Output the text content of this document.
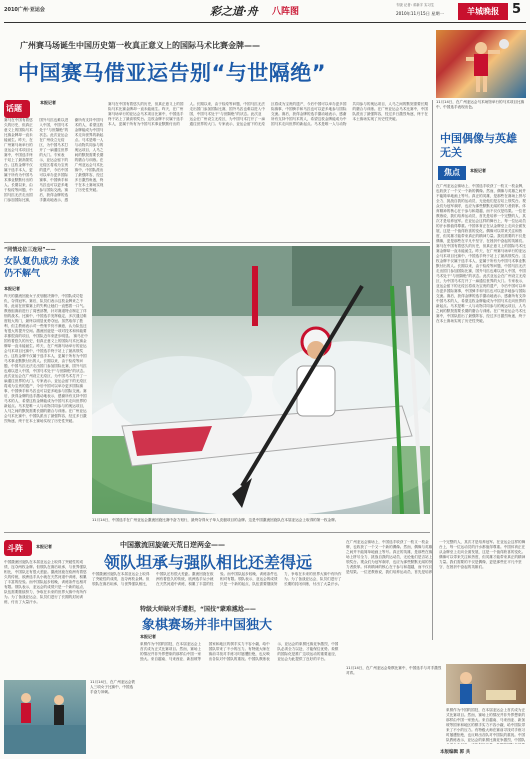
2010广州·亚运会	彩之道·舟 八阵图
专版 记者: 邓新宇 实习生
2010年11月15日 星期一	羊城晚报	5
广州赛马场诞生中国历史第一枚真正意义上的国际马术比赛金牌——
中国赛马借亚运告别“与世隔绝”
话题
本报记者
赛马在中国有着悠久的历史，但真正意义上的国际马术比赛金牌却一直未能诞生。昨天，在广州赛马场举行的亚运会马术项目比赛中，中国选手终于站上了最高领奖台。这枚金牌不仅属于选手本人，更属于所有为中国马术事业默默付出的人。长期以来，由于检疫等问题，中国马匹无法走出国门参加国际比赛，国外马匹也难以进入中国，中国马术处于“与世隔绝”的状态。此次亚运会在广州设立无疫区，为中国马术打开了一扇通往世界的大门。专家表示，亚运会留下的无疫区将成为宝贵的遗产，今后中国可以举办更多国际赛事，中国骑手和马匹也可以更多地参与国际交流。赛后，获得金牌的选手激动地表示，感谢所有支持中国马术的人，希望这枚金牌能成为中国马术走向世界的新起点。马术是唯一人与动物共同参与的奥运项目，人马之间的默契需要长期的磨合与训练。在广州亚运会马术比赛中，中国队派出了最强阵容，经过多日激烈角逐，终于在本土赛场实现了历史性突破。
赛马在中国有着悠久的历史，但真正意义上的国际马术比赛金牌却一直未能诞生。昨天，在广州赛马场举行的亚运会马术项目比赛中，中国选手终于站上了最高领奖台。这枚金牌不仅属于选手本人，更属于所有为中国马术事业默默付出的人。长期以来，由于检疫等问题，中国马匹无法走出国门参加国际比赛，国外马匹也难以进入中国，中国马术处于“与世隔绝”的状态。此次亚运会在广州设立无疫区，为中国马术打开了一扇通往世界的大门。专家表示，亚运会留下的无疫区将成为宝贵的遗产，今后中国可以举办更多国际赛事，中国骑手和马匹也可以更多地参与国际交流。赛后，获得金牌的选手激动地表示，感谢所有支持中国马术的人，希望这枚金牌能成为中国马术走向世界的新起点。马术是唯一人与动物共同参与的奥运项目，人马之间的默契需要长期的磨合与训练。在广州亚运会马术比赛中，中国队派出了最强阵容，经过多日激烈角逐，终于在本土赛场实现了历史性突破。
11月14日，在广州亚运会马术场馆举行的马术项目比赛中，中国选手表现出色。
中国偶像与英雄无关
焦点	本报记者
在广州亚运会赛场上，中国选手收获了一枚又一枚金牌，也收获了一个又一个新的偶像。然而，偶像与英雄之间并不能简单地画上等号。真正的英雄，是那些在赛场上拼尽全力、挑战自我的运动员，无论他们是否站上领奖台。观众们为冠军欢呼，也应为那些默默无闻的努力者鼓掌。体育精神的核心在于参与和超越，而不仅仅是结果。一位老教练说，我们培养运动员，首先是培养一个完整的人，其次才是培养冠军。在亚运会这样的舞台上，每一位运动员的汗水都值得尊重。中国体育正在从金牌至上走向全面发展，这是一个值得欣喜的变化。偶像可以带来关注和热度，但英雄才能带来真正的精神力量。我们需要的不仅是偶像，更是那些在平凡中坚守、在挫折中奋起的英雄们。 赛马在中国有着悠久的历史，但真正意义上的国际马术比赛金牌却一直未能诞生。昨天，在广州赛马场举行的亚运会马术项目比赛中，中国选手终于站上了最高领奖台。这枚金牌不仅属于选手本人，更属于所有为中国马术事业默默付出的人。长期以来，由于检疫等问题，中国马匹无法走出国门参加国际比赛，国外马匹也难以进入中国，中国马术处于“与世隔绝”的状态。此次亚运会在广州设立无疫区，为中国马术打开了一扇通往世界的大门。专家表示，亚运会留下的无疫区将成为宝贵的遗产，今后中国可以举办更多国际赛事，中国骑手和马匹也可以更多地参与国际交流。赛后，获得金牌的选手激动地表示，感谢所有支持中国马术的人，希望这枚金牌能成为中国马术走向世界的新起点。马术是唯一人与动物共同参与的奥运项目，人马之间的默契需要长期的磨合与训练。在广州亚运会马术比赛中，中国队派出了最强阵容，经过多日激烈角逐，终于在本土赛场实现了历史性突破。
“同情这位三连冠”——
女队复仇成功 永浚仍不解气
本报记者
昨天的激流回旋女子皮划艇决赛中，中国队成功复仇，夺得冠军。赛后，队员们表示这枚金牌来之不易，此前在世锦赛上的失利让她们一直憋着一口气。教练组赛前进行了周密部署，针对赛道特点制定了详细的战术。比赛中，中国选手发挥稳定，多次通过难度较大的门，最终以明显优势夺冠。虽然取得了胜利，但主教练表示对一些细节仍不满意，认为队伍还有很大的提升空间。激流回旋是一项对技术和体能要求都很高的项目，中国队近年来进步明显。 赛马在中国有着悠久的历史，但真正意义上的国际马术比赛金牌却一直未能诞生。昨天，在广州赛马场举行的亚运会马术项目比赛中，中国选手终于站上了最高领奖台。这枚金牌不仅属于选手本人，更属于所有为中国马术事业默默付出的人。长期以来，由于检疫等问题，中国马匹无法走出国门参加国际比赛，国外马匹也难以进入中国，中国马术处于“与世隔绝”的状态。此次亚运会在广州设立无疫区，为中国马术打开了一扇通往世界的大门。专家表示，亚运会留下的无疫区将成为宝贵的遗产，今后中国可以举办更多国际赛事，中国骑手和马匹也可以更多地参与国际交流。赛后，获得金牌的选手激动地表示，感谢所有支持中国马术的人，希望这枚金牌能成为中国马术走向世界的新起点。马术是唯一人与动物共同参与的奥运项目，人马之间的默契需要长期的磨合与训练。在广州亚运会马术比赛中，中国队派出了最强阵容，经过多日激烈角逐，终于在本土赛场实现了历史性突破。
11月14日，中国选手在广州亚运会激流回旋比赛中奋力划行，最终夺得女子单人皮艇项目的金牌。这是中国激流回旋队在本届亚运会上取得的第一枚金牌。
斗阵	本报记者	中国激流回旋破天荒日逆两金——
领队坦承与强队相比还差得远
中国激流回旋队在本届亚运会上取得了突破性的成绩，连夺两枚金牌。但领队在赛后坦承，与世界强队相比，中国队还有很大差距。激流回旋在欧洲有着悠久的传统，欧洲选手从小就在天然河道中训练，积累了丰富的经验。而中国队起步较晚，训练条件也相对有限。领队表示，亚运会的成绩只是一个新的起点，队伍需要继续努力，争取在未来的世界大赛中有所作为。为了备战亚运会，队员们进行了长期的封闭训练，付出了大量汗水。
中国激流回旋队在本届亚运会上取得了突破性的成绩，连夺两枚金牌。但领队在赛后坦承，与世界强队相比，中国队还有很大差距。激流回旋在欧洲有着悠久的传统，欧洲选手从小就在天然河道中训练，积累了丰富的经验。而中国队起步较晚，训练条件也相对有限。领队表示，亚运会的成绩只是一个新的起点，队伍需要继续努力，争取在未来的世界大赛中有所作为。为了备战亚运会，队员们进行了长期的封闭训练，付出了大量汗水。
在广州亚运会赛场上，中国选手收获了一枚又一枚金牌，也收获了一个又一个新的偶像。然而，偶像与英雄之间并不能简单地画上等号。真正的英雄，是那些在赛场上拼尽全力、挑战自我的运动员，无论他们是否站上领奖台。观众们为冠军欢呼，也应为那些默默无闻的努力者鼓掌。体育精神的核心在于参与和超越，而不仅仅是结果。一位老教练说，我们培养运动员，首先是培养一个完整的人，其次才是培养冠军。在亚运会这样的舞台上，每一位运动员的汗水都值得尊重。中国体育正在从金牌至上走向全面发展，这是一个值得欣喜的变化。偶像可以带来关注和热度，但英雄才能带来真正的精神力量。我们需要的不仅是偶像，更是那些在平凡中坚守、在挫折中奋起的英雄们。
特级大师缺对手遭拒，“国技”蒙难尴尬——
象棋赛场并非中国独大
本报记者
象棋作为中国的国技，在本届亚运会上首次成为正式比赛项目。然而，赛场上的情况并非外界想象的那样由中国一家独大。来自越南、马来西亚、新加坡等国家和地区的棋手实力不容小觑，给中国队带来了不小的压力。有特级大师在赛前寻找对手练习时屡遭拒绝，也反映出各队对中国队的重视。中国队教练表示，亚运会的象棋比赛竞争激烈，中国队必须全力以赴，才能保住优势。象棋的国际化是推广这项运动的重要途径，亚运会为此提供了良好的平台。
11月14日，在广州亚运会铁人三项女子比赛中，中国选手奋力冲刺。
11月14日，在广州亚运会象棋比赛中，中国选手与对手激烈对弈。
象棋作为中国的国技，在本届亚运会上首次成为正式比赛项目。然而，赛场上的情况并非外界想象的那样由中国一家独大。来自越南、马来西亚、新加坡等国家和地区的棋手实力不容小觑，给中国队带来了不小的压力。有特级大师在赛前寻找对手练习时屡遭拒绝，也反映出各队对中国队的重视。中国队教练表示，亚运会的象棋比赛竞争激烈，中国队
本版编辑 郭 共
